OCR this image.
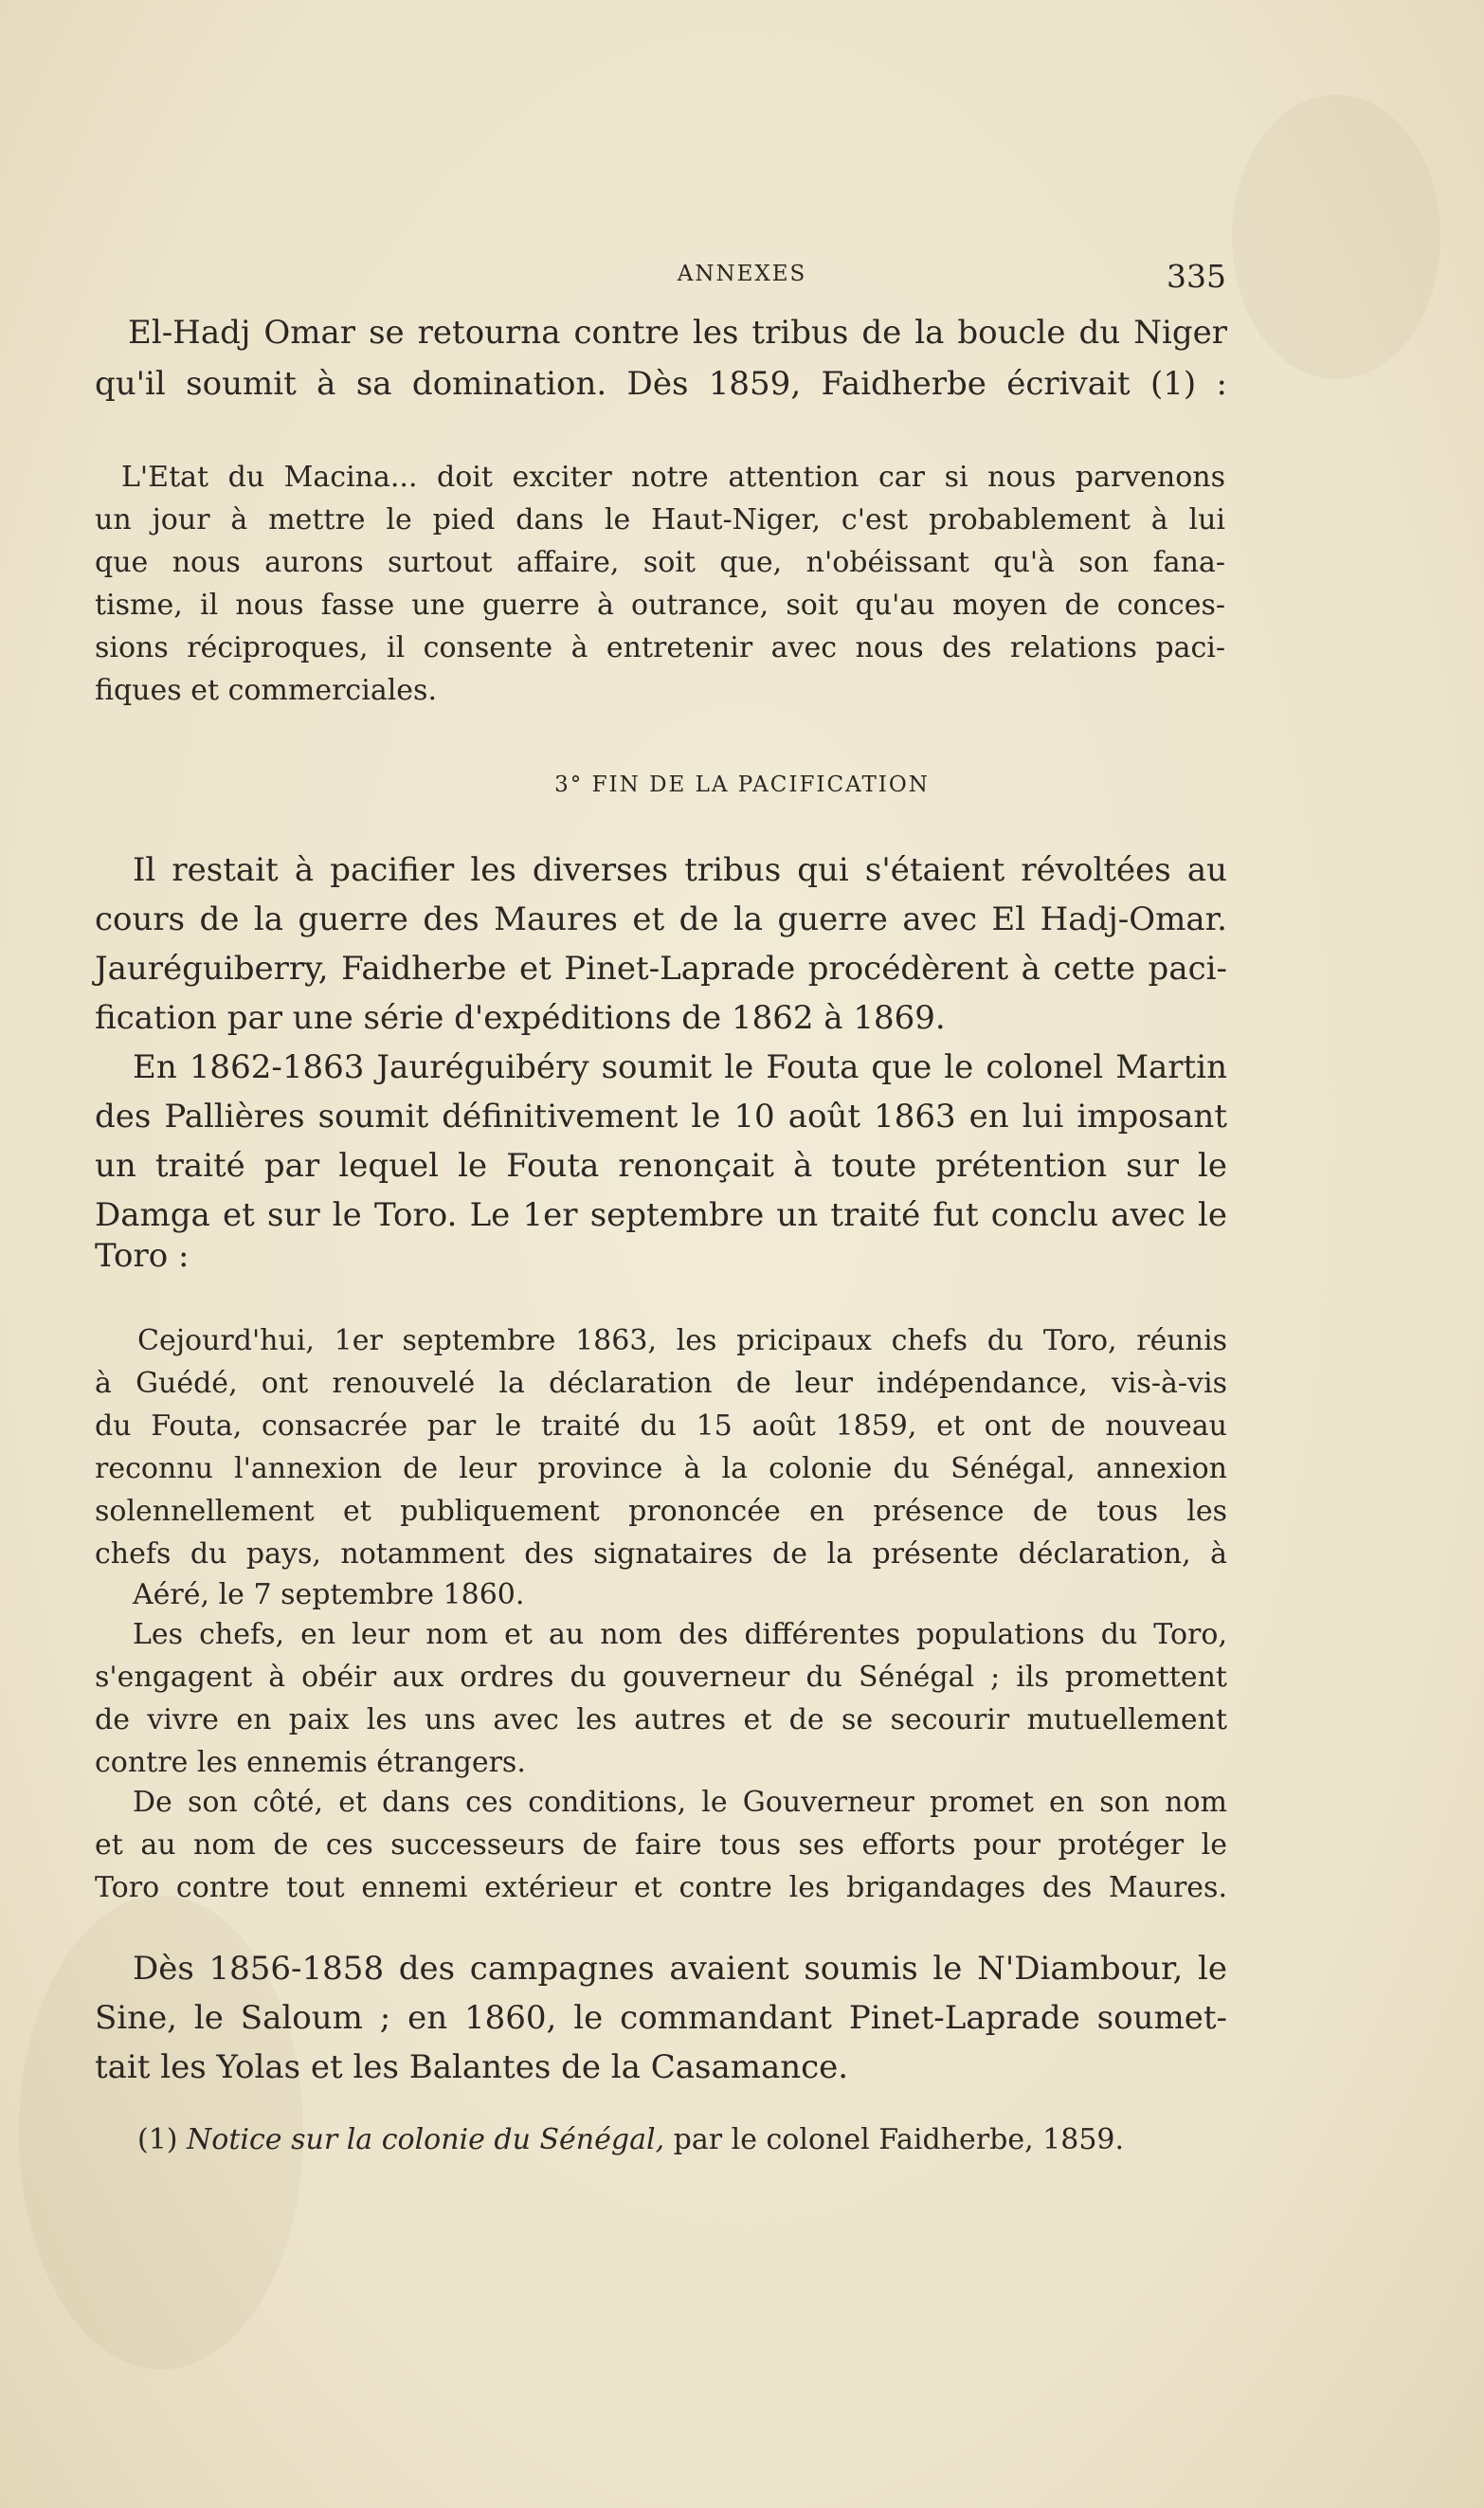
ANNEXES	335
El-Hadj Omar se retourna contre les tribus de la boucle du Niger
qu'il soumit à sa domination. Dès 1859, Faidherbe écrivait (1) :
L'Etat du Macina... doit exciter notre attention car si nous parvenons
un jour à mettre le pied dans le Haut-Niger, c'est probablement à lui
que nous aurons surtout affaire, soit que, n'obéissant qu'à son fana-
tisme, il nous fasse une guerre à outrance, soit qu'au moyen de conces-
sions réciproques, il consente à entretenir avec nous des relations paci-
fiques et commerciales.
3° FIN DE LA PACIFICATION
Il restait à pacifier les diverses tribus qui s'étaient révoltées au
cours de la guerre des Maures et de la guerre avec El Hadj-Omar.
Jauréguiberry, Faidherbe et Pinet-Laprade procédèrent à cette paci-
fication par une série d'expéditions de 1862 à 1869.
En 1862-1863 Jauréguibéry soumit le Fouta que le colonel Martin
des Pallières soumit définitivement le 10 août 1863 en lui imposant
un traité par lequel le Fouta renonçait à toute prétention sur le
Damga et sur le Toro. Le 1er septembre un traité fut conclu avec le
Toro :
Cejourd'hui, 1er septembre 1863, les pricipaux chefs du Toro, réunis
à Guédé, ont renouvelé la déclaration de leur indépendance, vis-à-vis
du Fouta, consacrée par le traité du 15 août 1859, et ont de nouveau
reconnu l'annexion de leur province à la colonie du Sénégal, annexion
solennellement et publiquement prononcée en présence de tous les
chefs du pays, notamment des signataires de la présente déclaration, à
Aéré, le 7 septembre 1860.
Les chefs, en leur nom et au nom des différentes populations du Toro,
s'engagent à obéir aux ordres du gouverneur du Sénégal ; ils promettent
de vivre en paix les uns avec les autres et de se secourir mutuellement
contre les ennemis étrangers.
De son côté, et dans ces conditions, le Gouverneur promet en son nom
et au nom de ces successeurs de faire tous ses efforts pour protéger le
Toro contre tout ennemi extérieur et contre les brigandages des Maures.
Dès 1856-1858 des campagnes avaient soumis le N'Diambour, le
Sine, le Saloum ; en 1860, le commandant Pinet-Laprade soumet-
tait les Yolas et les Balantes de la Casamance.
(1) Notice sur la colonie du Sénégal, par le colonel Faidherbe, 1859.
